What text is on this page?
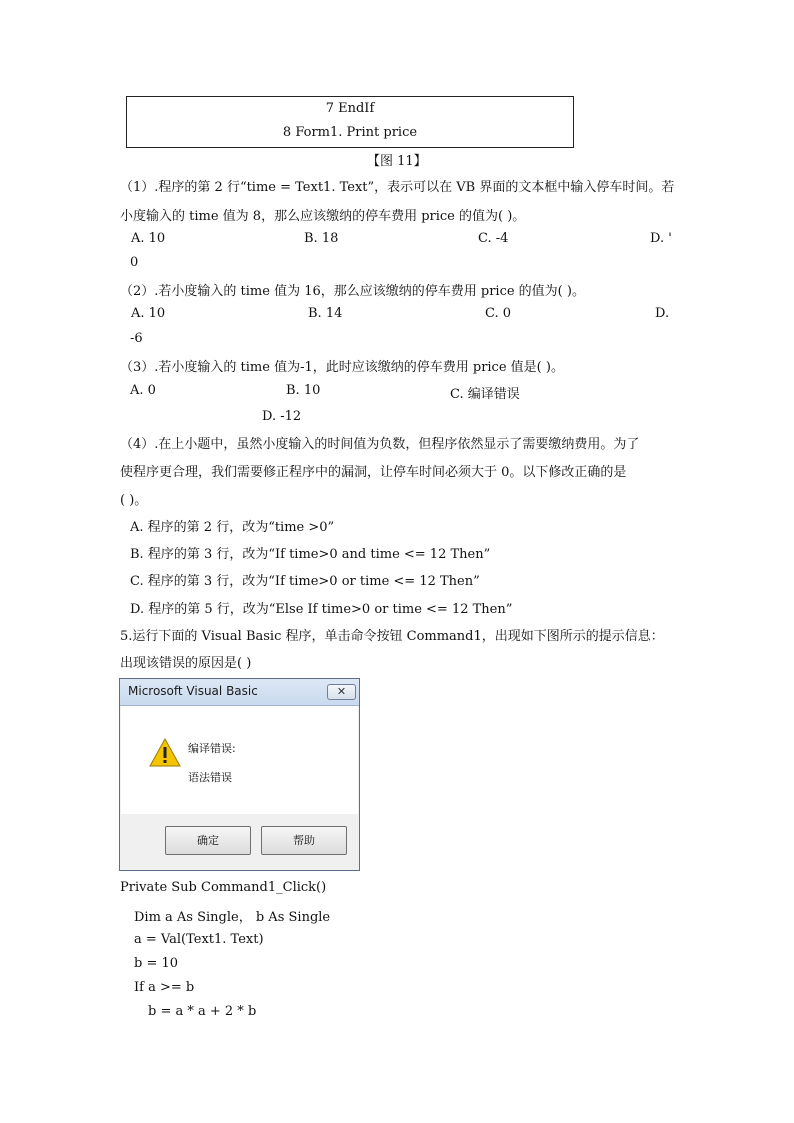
7 EndIf
8 Form1. Print price
【图 11】
（1）.程序的第 2 行“time = Text1. Text”，表示可以在 VB 界面的文本框中输入停车时间。若
小度输入的 time 值为 8，那么应该缴纳的停车费用 price 的值为( )。
A. 10	B. 18	C. -4	D. '
0
（2）.若小度输入的 time 值为 16，那么应该缴纳的停车费用 price 的值为( )。
A. 10	B. 14	C. 0	D.
-6
（3）.若小度输入的 time 值为-1，此时应该缴纳的停车费用 price 值是( )。
A. 0	B. 10	C. 编译错误
D. -12
（4）.在上小题中，虽然小度输入的时间值为负数，但程序依然显示了需要缴纳费用。为了
使程序更合理，我们需要修正程序中的漏洞，让停车时间必须大于 0。以下修改正确的是
( )。
A. 程序的第 2 行，改为“time >0”
B. 程序的第 3 行，改为“If time>0 and time <= 12 Then”
C. 程序的第 3 行，改为“If time>0 or time <= 12 Then”
D. 程序的第 5 行，改为“Else If time>0 or time <= 12 Then”
5.运行下面的 Visual Basic 程序，单击命令按钮 Command1，出现如下图所示的提示信息：
出现该错误的原因是( )
Microsoft Visual Basic	✕
编译错误:
语法错误
确定	帮助
Private Sub Command1_Click()
Dim a As Single， b As Single
a = Val(Text1. Text)
b = 10
If a >= b
b = a * a + 2 * b
